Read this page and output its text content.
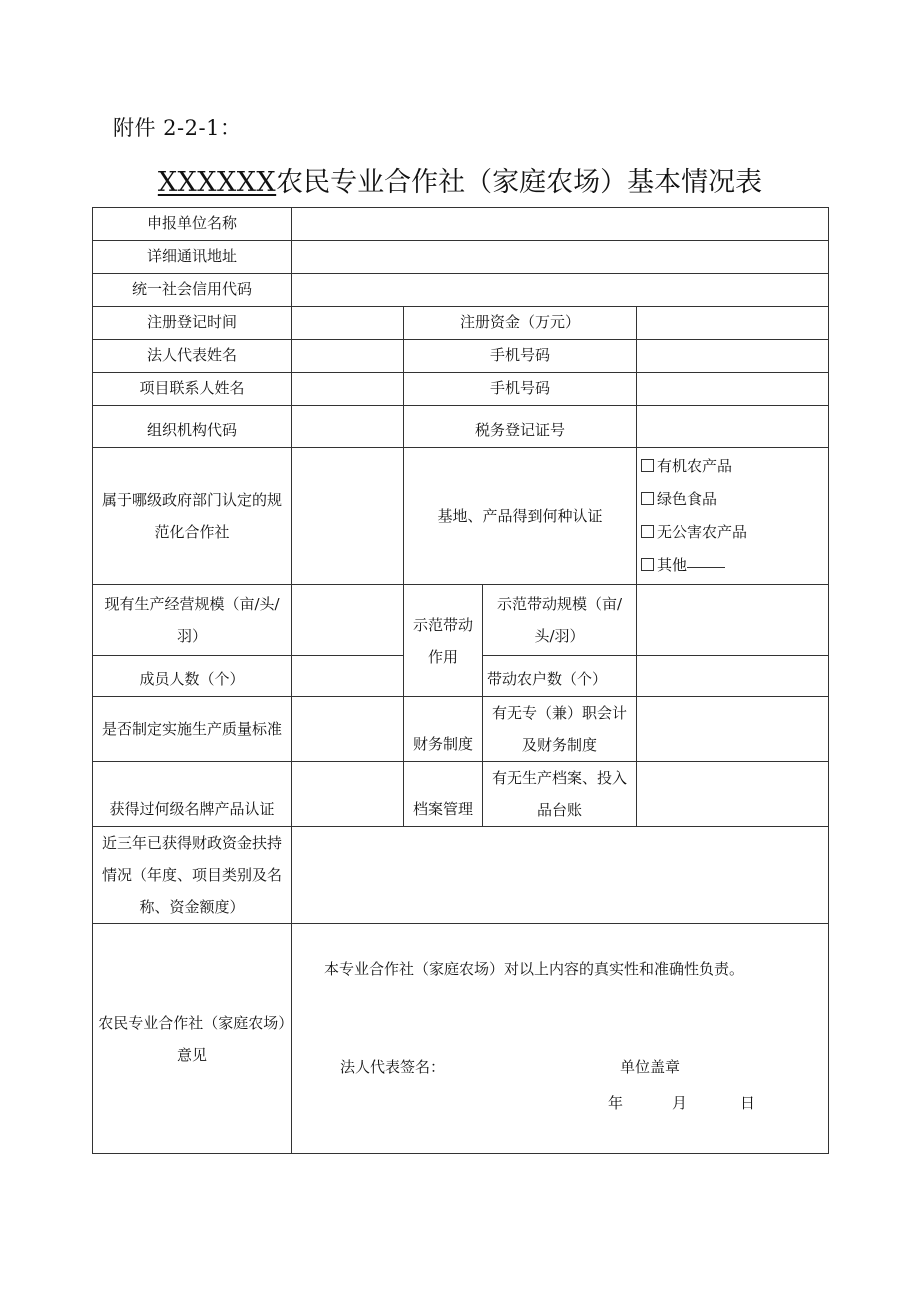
附件 2-2-1：
XXXXXX农民专业合作社（家庭农场）基本情况表
申报单位名称				
详细通讯地址				
统一社会信用代码				
注册登记时间		注册资金（万元）		
法人代表姓名		手机号码		
项目联系人姓名		手机号码		
组织机构代码		税务登记证号		
属于哪级政府部门认定的规范化合作社		基地、产品得到何种认证		有机农产品
绿色食品
无公害农产品
其他

现有生产经营规模（亩/头/羽）		示范带动作用	示范带动规模（亩/头/羽）	
成员人数（个）			带动农户数（个）	
是否制定实施生产质量标准		财务制度	有无专（兼）职会计及财务制度	
获得过何级名牌产品认证		档案管理	有无生产档案、投入品台账	
近三年已获得财政资金扶持情况（年度、项目类别及名称、资金额度）				
农民专业合作社（家庭农场）意见	本专业合作社（家庭农场）对以上内容的真实性和准确性负责。
法人代表签名： 单位盖章
年 月 日			
